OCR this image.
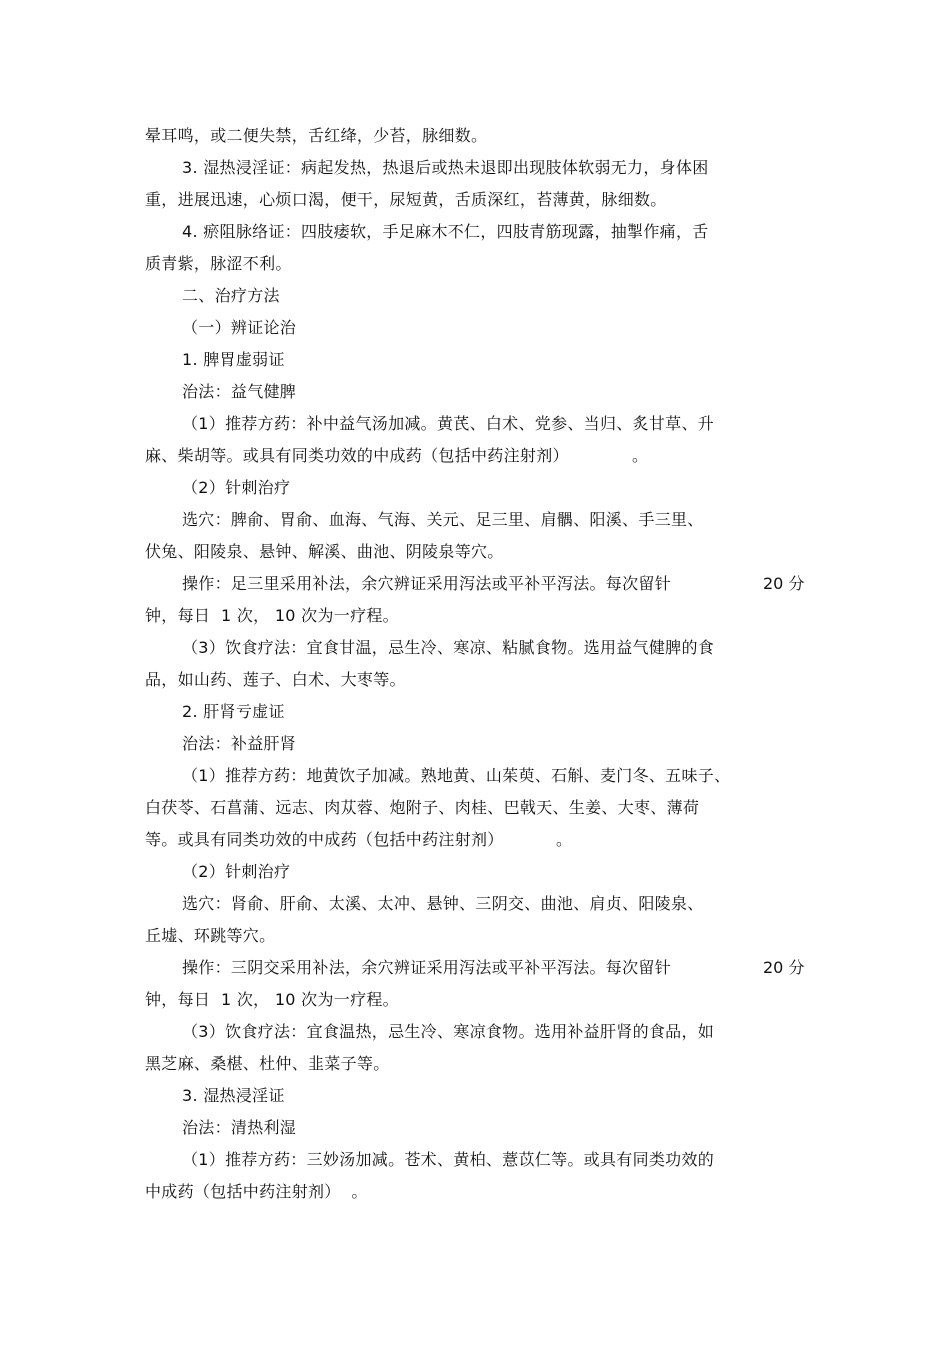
晕耳鸣，或二便失禁，舌红绛，少苔，脉细数。
3. 湿热浸淫证：病起发热，热退后或热未退即出现肢体软弱无力，身体困
重，进展迅速，心烦口渴，便干，尿短黄，舌质深红，苔薄黄，脉细数。
4. 瘀阻脉络证：四肢痿软，手足麻木不仁，四肢青筋现露，抽掣作痛，舌
质青紫，脉涩不利。
二、治疗方法
（一）辨证论治
1. 脾胃虚弱证
治法：益气健脾
（1）推荐方药：补中益气汤加减。黄芪、白术、党参、当归、炙甘草、升
麻、柴胡等。或具有同类功效的中成药（包括中药注射剂）	。
（2）针刺治疗
选穴：脾俞、胃俞、血海、气海、关元、足三里、肩髃、阳溪、手三里、
伏兔、阳陵泉、悬钟、解溪、曲池、阴陵泉等穴。
操作：足三里采用补法，余穴辨证采用泻法或平补平泻法。每次留针	20 分
钟，每日  1 次， 10 次为一疗程。
（3）饮食疗法：宜食甘温，忌生冷、寒凉、粘腻食物。选用益气健脾的食
品，如山药、莲子、白术、大枣等。
2. 肝肾亏虚证
治法：补益肝肾
（1）推荐方药：地黄饮子加减。熟地黄、山茱萸、石斛、麦门冬、五味子、
白茯苓、石菖蒲、远志、肉苁蓉、炮附子、肉桂、巴戟天、生姜、大枣、薄荷
等。或具有同类功效的中成药（包括中药注射剂）	。
（2）针刺治疗
选穴：肾俞、肝俞、太溪、太冲、悬钟、三阴交、曲池、肩贞、阳陵泉、
丘墟、环跳等穴。
操作：三阴交采用补法，余穴辨证采用泻法或平补平泻法。每次留针	20 分
钟，每日  1 次， 10 次为一疗程。
（3）饮食疗法：宜食温热，忌生冷、寒凉食物。选用补益肝肾的食品，如
黑芝麻、桑椹、杜仲、韭菜子等。
3. 湿热浸淫证
治法：清热利湿
（1）推荐方药：三妙汤加减。苍术、黄柏、薏苡仁等。或具有同类功效的
中成药（包括中药注射剂）  。
